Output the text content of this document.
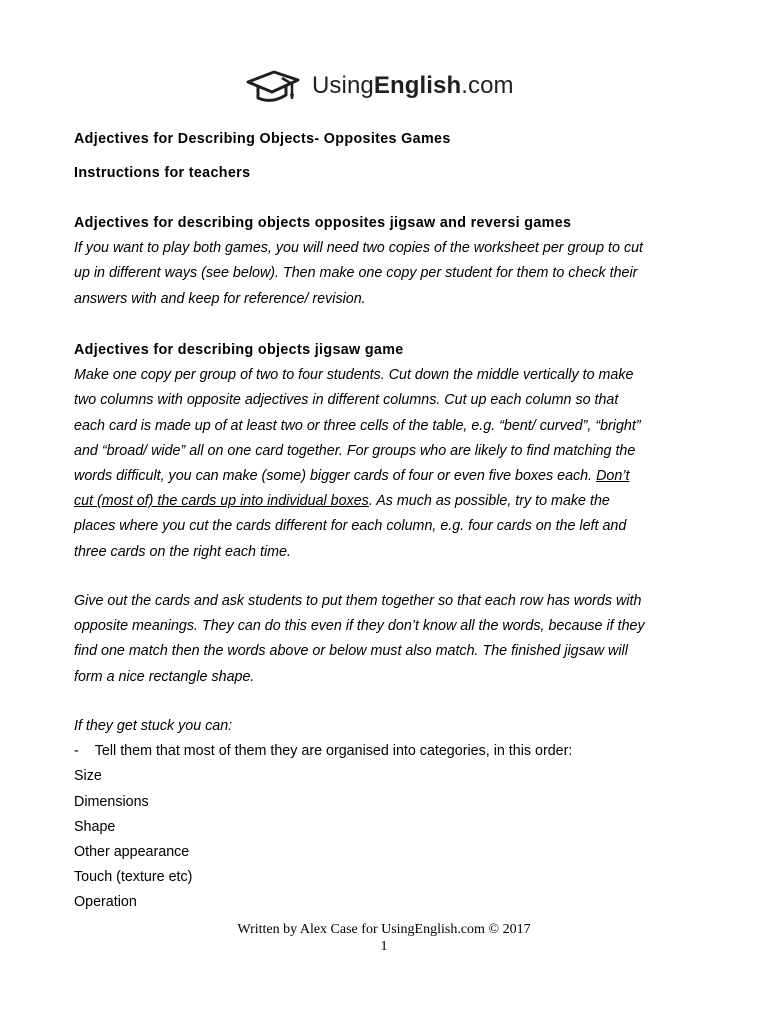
UsingEnglish.com
Adjectives for Describing Objects- Opposites Games
Instructions for teachers
Adjectives for describing objects opposites jigsaw and reversi games
If you want to play both games, you will need two copies of the worksheet per group to cut
up in different ways (see below). Then make one copy per student for them to check their
answers with and keep for reference/ revision.
Adjectives for describing objects jigsaw game
Make one copy per group of two to four students. Cut down the middle vertically to make
two columns with opposite adjectives in different columns. Cut up each column so that
each card is made up of at least two or three cells of the table, e.g. “bent/ curved”, “bright”
and “broad/ wide” all on one card together. For groups who are likely to find matching the
words difficult, you can make (some) bigger cards of four or even five boxes each. Don’t
cut (most of) the cards up into individual boxes. As much as possible, try to make the
places where you cut the cards different for each column, e.g. four cards on the left and
three cards on the right each time.
Give out the cards and ask students to put them together so that each row has words with
opposite meanings. They can do this even if they don’t know all the words, because if they
find one match then the words above or below must also match. The finished jigsaw will
form a nice rectangle shape.
If they get stuck you can:
- Tell them that most of them they are organised into categories, in this order:
Size
Dimensions
Shape
Other appearance
Touch (texture etc)
Operation
Written by Alex Case for UsingEnglish.com © 2017
1
